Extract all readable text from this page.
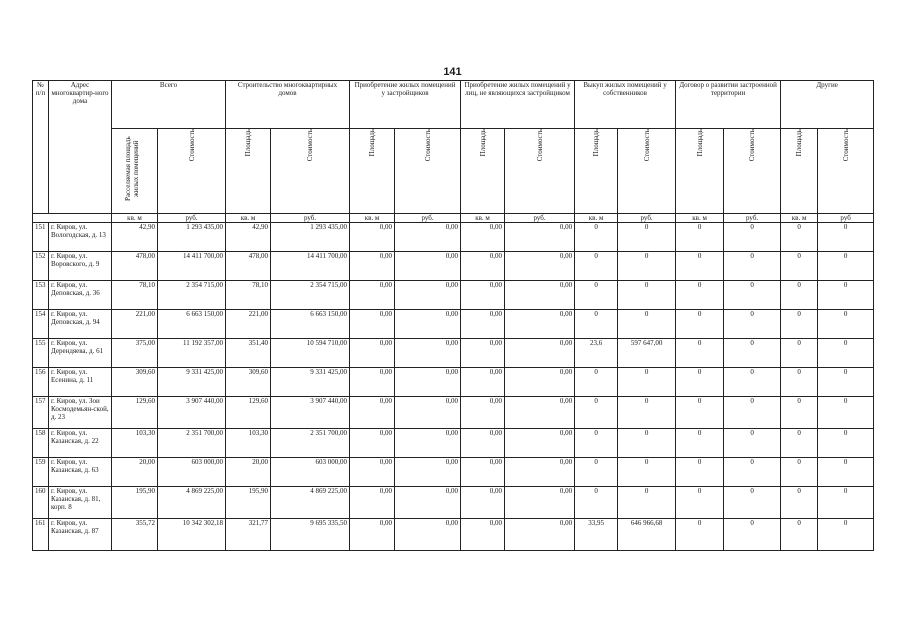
141
№ п/п	Адрес многоквартир-ного дома	Всего		Строительство многоквартирных домов		Приобретение жилых помещений у застройщиков		Приобретение жилых помещений у лиц, не являющихся застройщиком		Выкуп жилых помещений у собственников		Договор о развитии застроенной территории		Другие	

		Расселяемая площадь жилых помещений	Стоимость	Площадь	Стоимость	Площадь	Стоимость	Площадь	Стоимость	Площадь	Стоимость	Площадь	Стоимость	Площадь	Стоимость

		кв. м	руб.	кв. м	руб.	кв. м	руб.	кв. м	руб.	кв. м	руб.	кв. м	руб.	кв. м	руб
151	г. Киров, ул. Вологодская, д. 13	42,90	1 293 435,00	42,90	1 293 435,00	0,00	0,00	0,00	0,00	0	0	0	0	0	0
152	г. Киров, ул. Воровского, д. 9	478,00	14 411 700,00	478,00	14 411 700,00	0,00	0,00	0,00	0,00	0	0	0	0	0	0
153	г. Киров, ул. Деповская, д. 36	78,10	2 354 715,00	78,10	2 354 715,00	0,00	0,00	0,00	0,00	0	0	0	0	0	0
154	г. Киров, ул. Деповская, д. 94	221,00	6 663 150,00	221,00	6 663 150,00	0,00	0,00	0,00	0,00	0	0	0	0	0	0
155	г. Киров, ул. Дерендяева, д. 61	375,00	11 192 357,00	351,40	10 594 710,00	0,00	0,00	0,00	0,00	23,6	597 647,00	0	0	0	0
156	г. Киров, ул. Есенина, д. 11	309,60	9 331 425,00	309,60	9 331 425,00	0,00	0,00	0,00	0,00	0	0	0	0	0	0
157	г. Киров, ул. Зои Космодемьян-ской, д. 23	129,60	3 907 440,00	129,60	3 907 440,00	0,00	0,00	0,00	0,00	0	0	0	0	0	0
158	г. Киров, ул. Казанская, д. 22	103,30	2 351 700,00	103,30	2 351 700,00	0,00	0,00	0,00	0,00	0	0	0	0	0	0
159	г. Киров, ул. Казанская, д. 63	20,00	603 000,00	20,00	603 000,00	0,00	0,00	0,00	0,00	0	0	0	0	0	0
160	г. Киров, ул. Казанская, д. 81, корп. 8	195,90	4 869 225,00	195,90	4 869 225,00	0,00	0,00	0,00	0,00	0	0	0	0	0	0
161	г. Киров, ул. Казанская, д. 87	355,72	10 342 302,18	321,77	9 695 335,50	0,00	0,00	0,00	0,00	33,95	646 966,68	0	0	0	0
